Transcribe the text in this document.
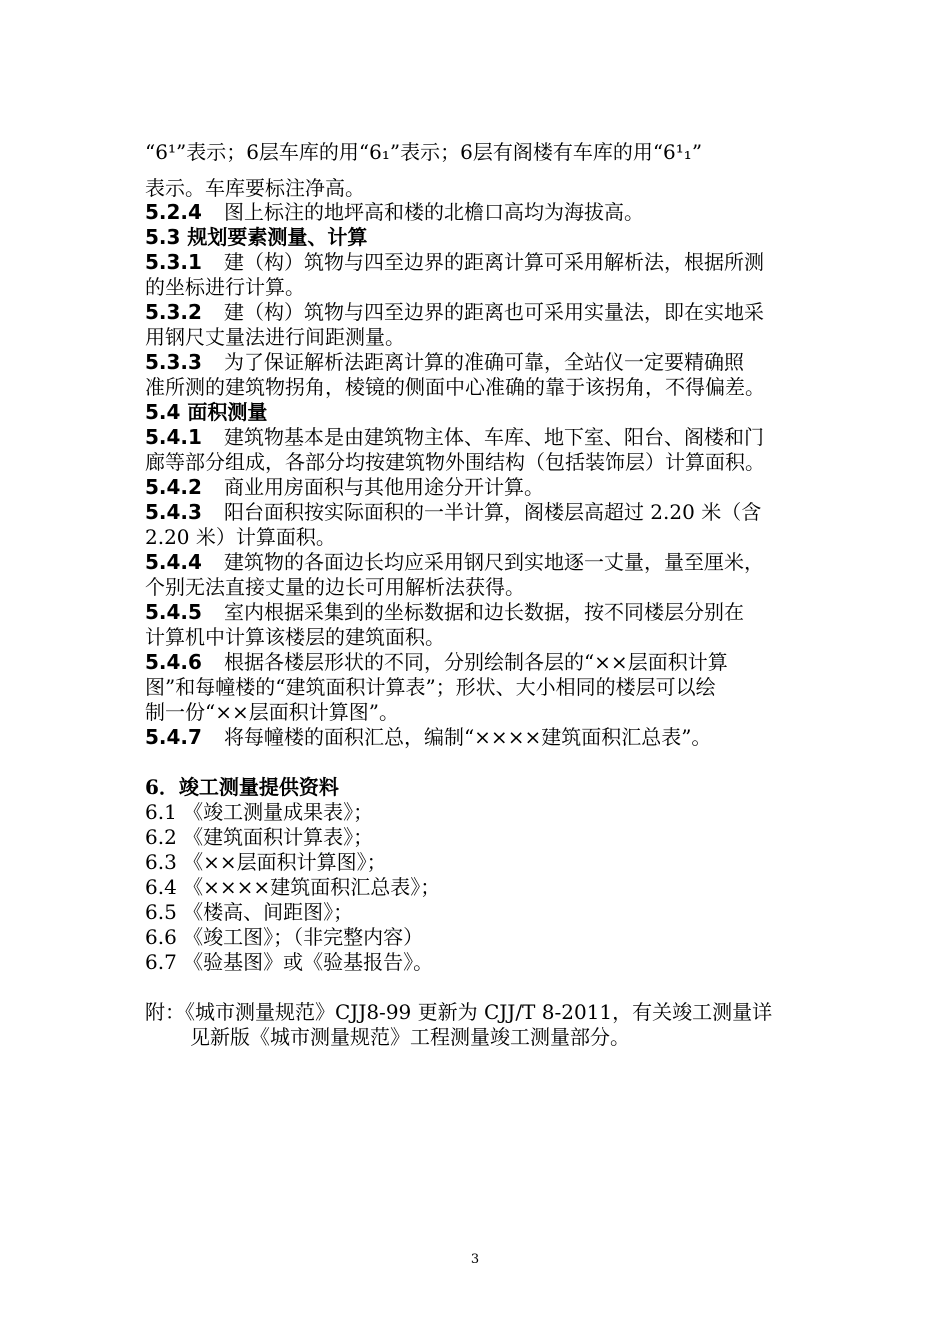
“6¹”表示；6层车库的用“6₁”表示；6层有阁楼有车库的用“6¹₁”
表示。车库要标注净高。
5.2.4 图上标注的地坪高和楼的北檐口高均为海拔高。
5.3 规划要素测量、计算
5.3.1 建（构）筑物与四至边界的距离计算可采用解析法，根据所测
的坐标进行计算。
5.3.2 建（构）筑物与四至边界的距离也可采用实量法，即在实地采
用钢尺丈量法进行间距测量。
5.3.3 为了保证解析法距离计算的准确可靠，全站仪一定要精确照
准所测的建筑物拐角，棱镜的侧面中心准确的靠于该拐角，不得偏差。
5.4 面积测量
5.4.1 建筑物基本是由建筑物主体、车库、地下室、阳台、阁楼和门
廊等部分组成，各部分均按建筑物外围结构（包括装饰层）计算面积。
5.4.2 商业用房面积与其他用途分开计算。
5.4.3 阳台面积按实际面积的一半计算，阁楼层高超过 2.20 米（含
2.20 米）计算面积。
5.4.4 建筑物的各面边长均应采用钢尺到实地逐一丈量，量至厘米，
个别无法直接丈量的边长可用解析法获得。
5.4.5 室内根据采集到的坐标数据和边长数据，按不同楼层分别在
计算机中计算该楼层的建筑面积。
5.4.6 根据各楼层形状的不同，分别绘制各层的“××层面积计算
图”和每幢楼的“建筑面积计算表”；形状、大小相同的楼层可以绘
制一份“××层面积计算图”。
5.4.7 将每幢楼的面积汇总，编制“××××建筑面积汇总表”。
6．竣工测量提供资料
6.1 《竣工测量成果表》；
6.2 《建筑面积计算表》；
6.3 《××层面积计算图》；
6.4 《××××建筑面积汇总表》；
6.5 《楼高、间距图》；
6.6 《竣工图》；（非完整内容）
6.7 《验基图》或《验基报告》。
附：《城市测量规范》CJJ8-99 更新为 CJJ/T 8-2011，有关竣工测量详
见新版《城市测量规范》工程测量竣工测量部分。
3
